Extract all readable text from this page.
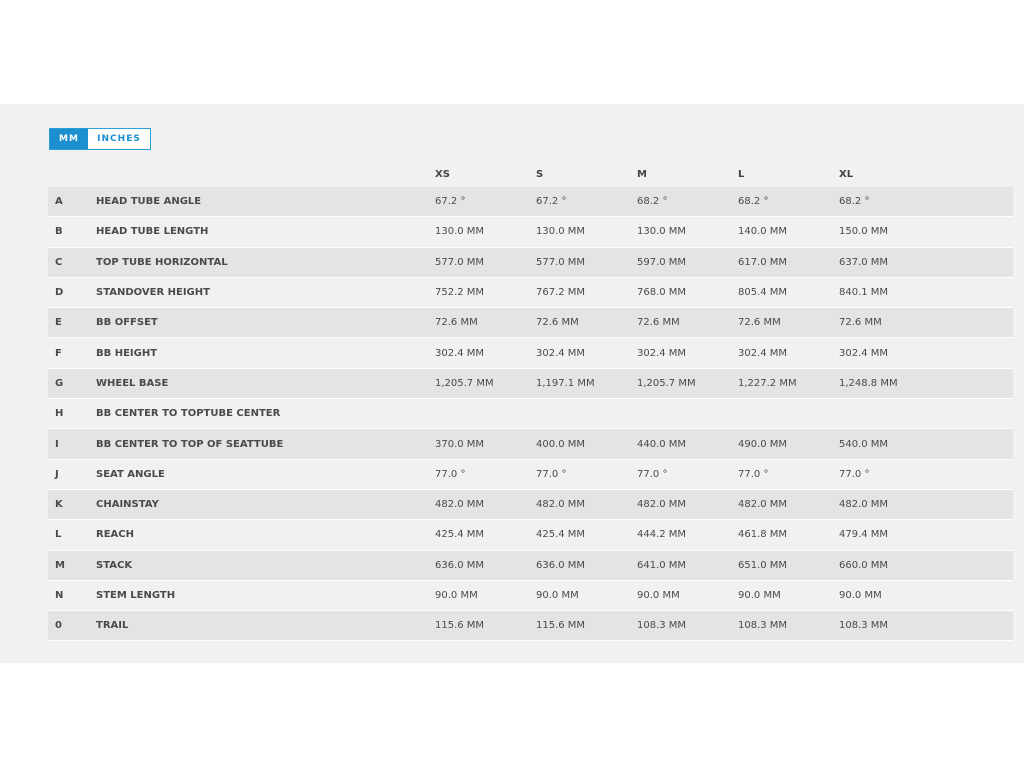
MM	INCHES
		XS	S	M	L	XL
A	HEAD TUBE ANGLE	67.2 °	67.2 °	68.2 °	68.2 °	68.2 °
B	HEAD TUBE LENGTH	130.0 MM	130.0 MM	130.0 MM	140.0 MM	150.0 MM
C	TOP TUBE HORIZONTAL	577.0 MM	577.0 MM	597.0 MM	617.0 MM	637.0 MM
D	STANDOVER HEIGHT	752.2 MM	767.2 MM	768.0 MM	805.4 MM	840.1 MM
E	BB OFFSET	72.6 MM	72.6 MM	72.6 MM	72.6 MM	72.6 MM
F	BB HEIGHT	302.4 MM	302.4 MM	302.4 MM	302.4 MM	302.4 MM
G	WHEEL BASE	1,205.7 MM	1,197.1 MM	1,205.7 MM	1,227.2 MM	1,248.8 MM
H	BB CENTER TO TOPTUBE CENTER					
I	BB CENTER TO TOP OF SEATTUBE	370.0 MM	400.0 MM	440.0 MM	490.0 MM	540.0 MM
J	SEAT ANGLE	77.0 °	77.0 °	77.0 °	77.0 °	77.0 °
K	CHAINSTAY	482.0 MM	482.0 MM	482.0 MM	482.0 MM	482.0 MM
L	REACH	425.4 MM	425.4 MM	444.2 MM	461.8 MM	479.4 MM
M	STACK	636.0 MM	636.0 MM	641.0 MM	651.0 MM	660.0 MM
N	STEM LENGTH	90.0 MM	90.0 MM	90.0 MM	90.0 MM	90.0 MM
0	TRAIL	115.6 MM	115.6 MM	108.3 MM	108.3 MM	108.3 MM
